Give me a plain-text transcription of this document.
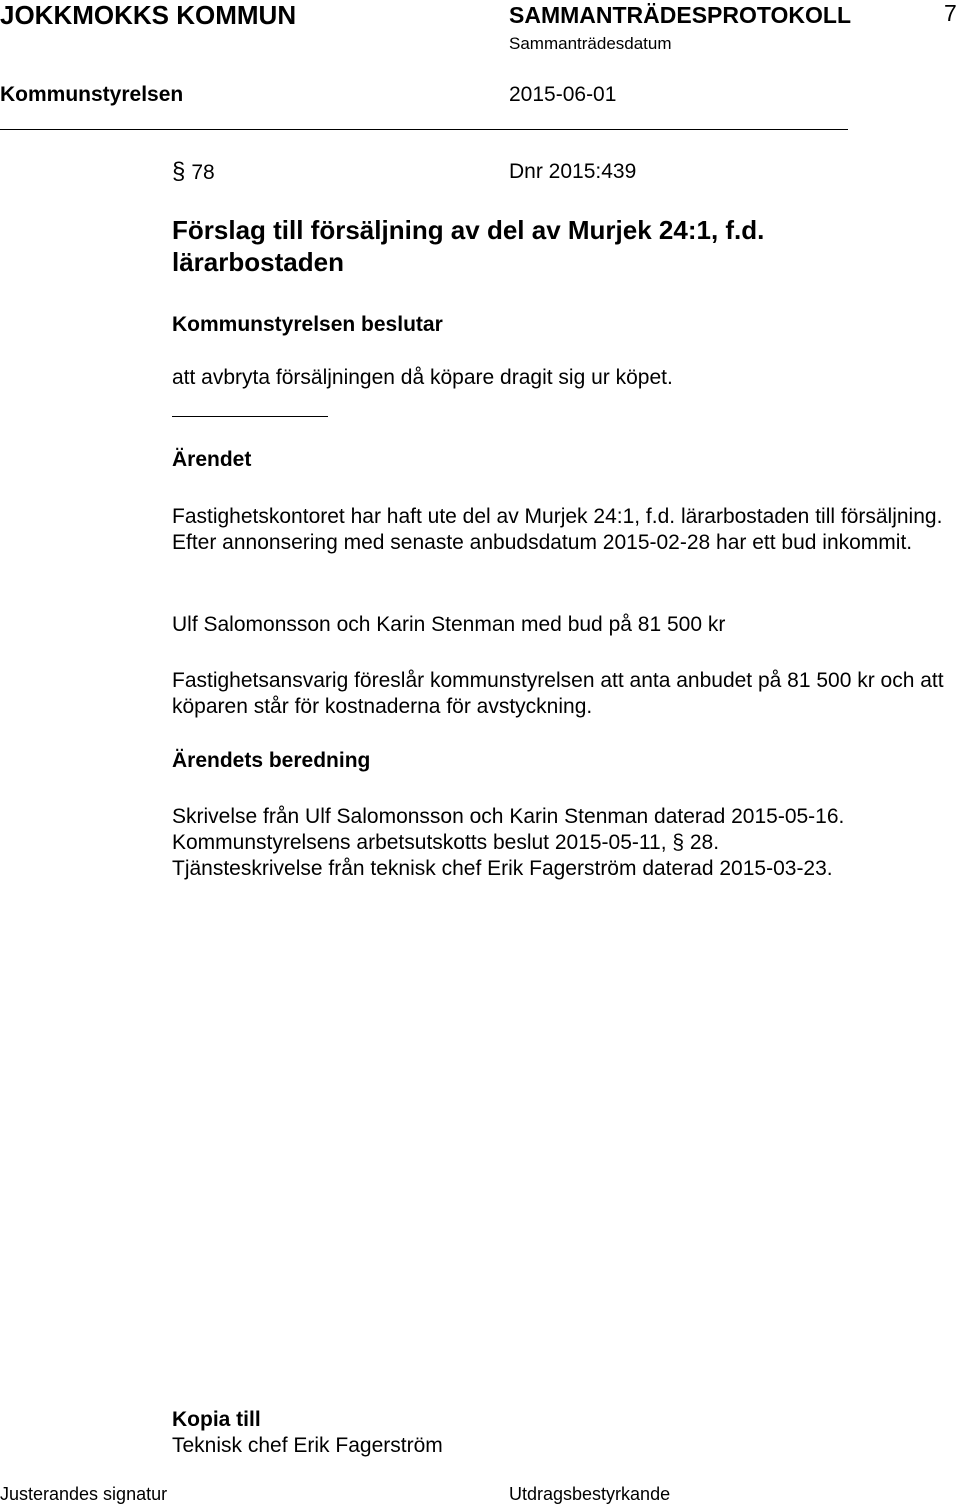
JOKKMOKKS KOMMUN	SAMMANTRÄDESPROTOKOLL	7
Sammanträdesdatum
Kommunstyrelsen	2015-06-01
§ 78	Dnr 2015:439
Förslag till försäljning av del av Murjek 24:1, f.d. lärarbostaden
Kommunstyrelsen beslutar
att avbryta försäljningen då köpare dragit sig ur köpet.
Ärendet
Fastighetskontoret har haft ute del av Murjek 24:1, f.d. lärarbostaden till försäljning. Efter annonsering med senaste anbudsdatum 2015-02-28 har ett bud inkommit.
Ulf Salomonsson och Karin Stenman med bud på 81 500 kr
Fastighetsansvarig föreslår kommunstyrelsen att anta anbudet på 81 500 kr och att köparen står för kostnaderna för avstyckning.
Ärendets beredning
Skrivelse från Ulf Salomonsson och Karin Stenman daterad 2015-05-16.
Kommunstyrelsens arbetsutskotts beslut 2015-05-11, § 28.
Tjänsteskrivelse från teknisk chef Erik Fagerström daterad 2015-03-23.
Kopia till
Teknisk chef Erik Fagerström
Justerandes signatur	Utdragsbestyrkande
